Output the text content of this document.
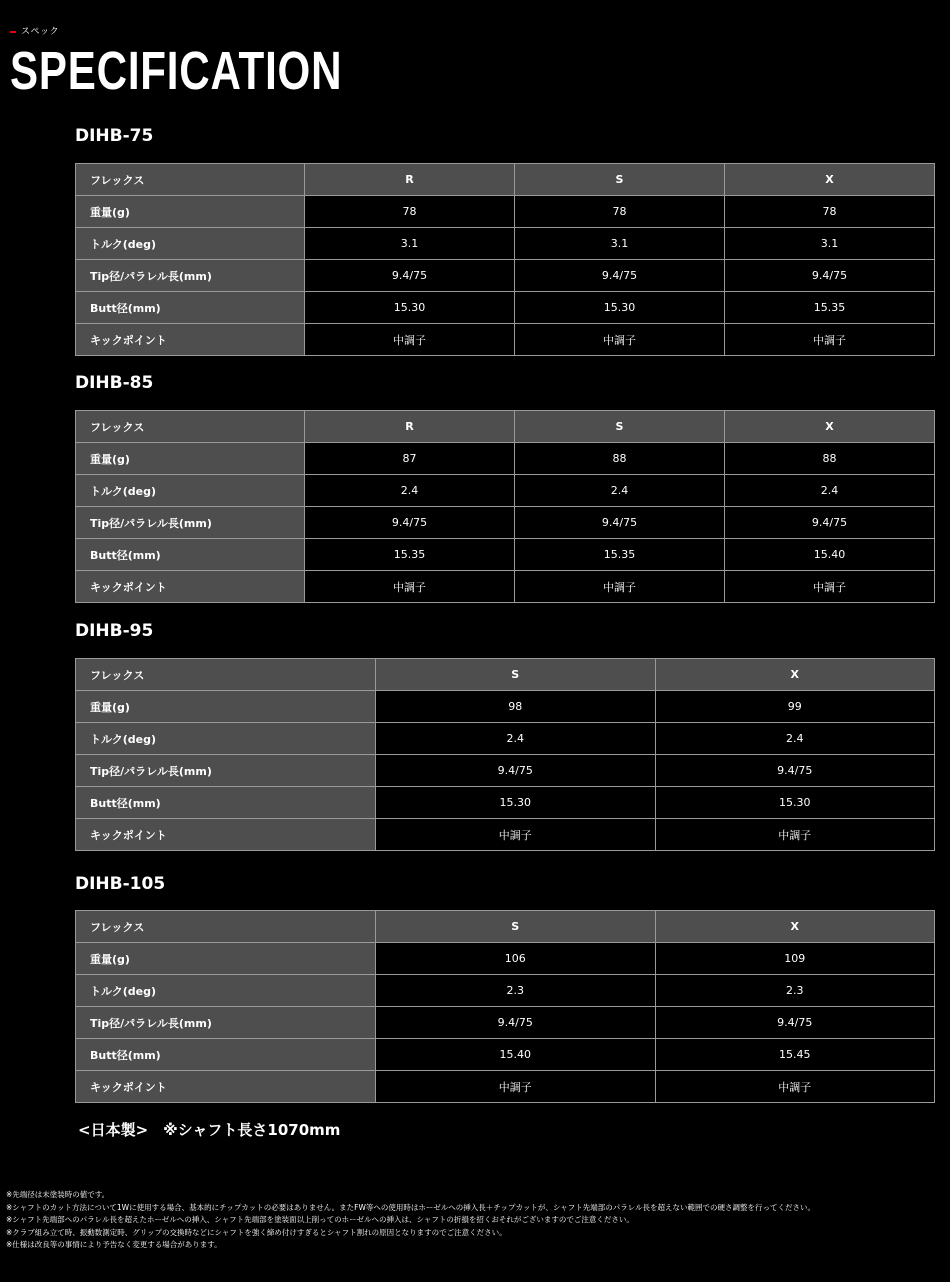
スペック
SPECIFICATION
DIHB-75
フレックス	R	S	X
重量(g)	78	78	78
トルク(deg)	3.1	3.1	3.1
Tip径/パラレル長(mm)	9.4/75	9.4/75	9.4/75
Butt径(mm)	15.30	15.30	15.35
キックポイント	中調子	中調子	中調子
DIHB-85
フレックス	R	S	X
重量(g)	87	88	88
トルク(deg)	2.4	2.4	2.4
Tip径/パラレル長(mm)	9.4/75	9.4/75	9.4/75
Butt径(mm)	15.35	15.35	15.40
キックポイント	中調子	中調子	中調子
DIHB-95
フレックス	S	X
重量(g)	98	99
トルク(deg)	2.4	2.4
Tip径/パラレル長(mm)	9.4/75	9.4/75
Butt径(mm)	15.30	15.30
キックポイント	中調子	中調子
DIHB-105
フレックス	S	X
重量(g)	106	109
トルク(deg)	2.3	2.3
Tip径/パラレル長(mm)	9.4/75	9.4/75
Butt径(mm)	15.40	15.45
キックポイント	中調子	中調子

<日本製>　※シャフト長さ1070mm

※先端径は未塗装時の値です。
※シャフトのカット方法について1Wに使用する場合、基本的にチップカットの必要はありません。またFW等への使用時はホーゼルへの挿入長＋チップカットが、シャフト先端部のパラレル長を超えない範囲での硬さ調整を行ってください。
※シャフト先端部へのパラレル長を超えたホーゼルへの挿入、シャフト先端部を塗装面以上削ってのホーゼルへの挿入は、シャフトの折損を招くおそれがございますのでご注意ください。
※クラブ組み立て時、振動数測定時、グリップの交換時などにシャフトを強く締め付けすぎるとシャフト割れの原因となりますのでご注意ください。
※仕様は改良等の事情により予告なく変更する場合があります。
